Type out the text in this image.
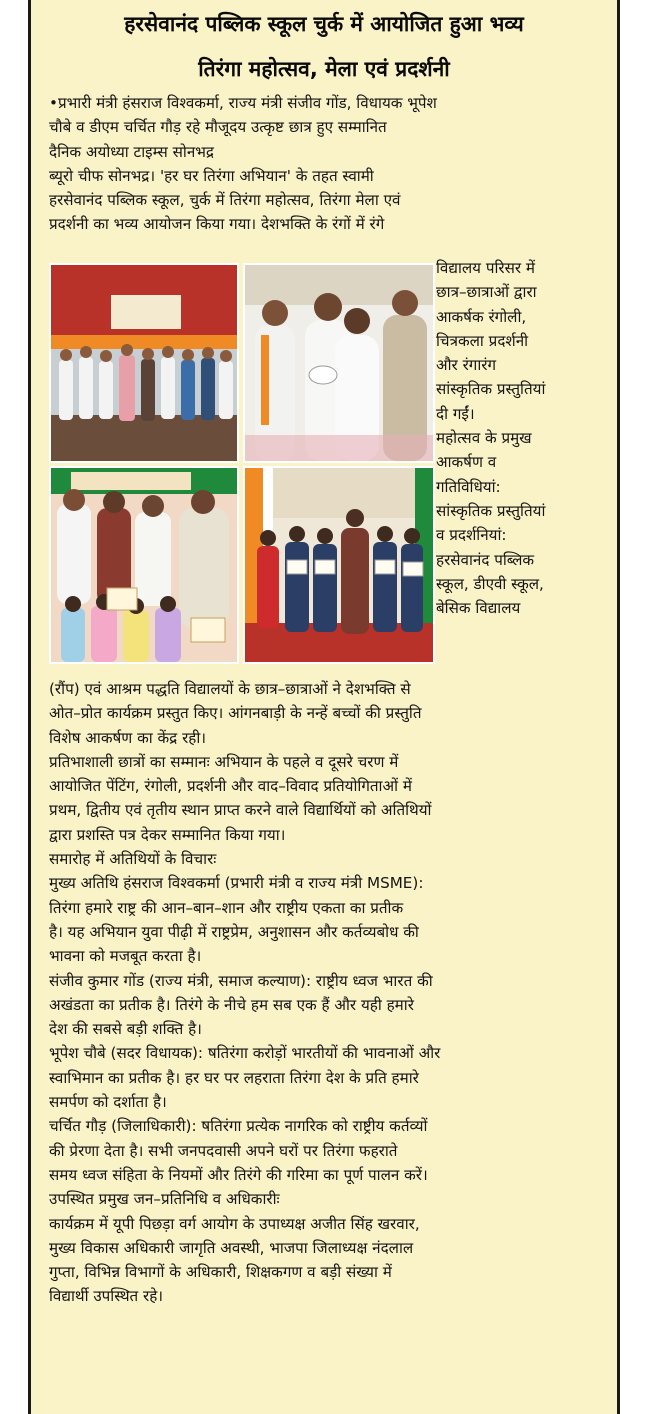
हरसेवानंद पब्लिक स्कूल चुर्क में आयोजित हुआ भव्य
तिरंगा महोत्सव, मेला एवं प्रदर्शनी
•प्रभारी मंत्री हंसराज विश्वकर्मा, राज्य मंत्री संजीव गोंड, विधायक भूपेश
चौबे व डीएम चर्चित गौड़ रहे मौजूदय उत्कृष्ट छात्र हुए सम्मानित
दैनिक अयोध्या टाइम्स सोनभद्र
ब्यूरो चीफ सोनभद्र। 'हर घर तिरंगा अभियान' के तहत स्वामी
हरसेवानंद पब्लिक स्कूल, चुर्क में तिरंगा महोत्सव, तिरंगा मेला एवं
प्रदर्शनी का भव्य आयोजन किया गया। देशभक्ति के रंगों में रंगे
विद्यालय परिसर में
छात्र–छात्राओं द्वारा
आकर्षक रंगोली,
चित्रकला प्रदर्शनी
और रंगारंग
सांस्कृतिक प्रस्तुतियां
दी गईं।
महोत्सव के प्रमुख
आकर्षण व
गतिविधियां:
सांस्कृतिक प्रस्तुतियां
व प्रदर्शनियां:
हरसेवानंद पब्लिक
स्कूल, डीएवी स्कूल,
बेसिक विद्यालय
(रौंप) एवं आश्रम पद्धति विद्यालयों के छात्र–छात्राओं ने देशभक्ति से
ओत–प्रोत कार्यक्रम प्रस्तुत किए। आंगनबाड़ी के नन्हें बच्चों की प्रस्तुति
विशेष आकर्षण का केंद्र रही।
प्रतिभाशाली छात्रों का सम्मानः अभियान के पहले व दूसरे चरण में
आयोजित पेंटिंग, रंगोली, प्रदर्शनी और वाद–विवाद प्रतियोगिताओं में
प्रथम, द्वितीय एवं तृतीय स्थान प्राप्त करने वाले विद्यार्थियों को अतिथियों
द्वारा प्रशस्ति पत्र देकर सम्मानित किया गया।
समारोह में अतिथियों के विचारः
मुख्य अतिथि हंसराज विश्वकर्मा (प्रभारी मंत्री व राज्य मंत्री MSME):
तिरंगा हमारे राष्ट्र की आन–बान–शान और राष्ट्रीय एकता का प्रतीक
है। यह अभियान युवा पीढ़ी में राष्ट्रप्रेम, अनुशासन और कर्तव्यबोध की
भावना को मजबूत करता है।
संजीव कुमार गोंड (राज्य मंत्री, समाज कल्याण): राष्ट्रीय ध्वज भारत की
अखंडता का प्रतीक है। तिरंगे के नीचे हम सब एक हैं और यही हमारे
देश की सबसे बड़ी शक्ति है।
भूपेश चौबे (सदर विधायक): षतिरंगा करोड़ों भारतीयों की भावनाओं और
स्वाभिमान का प्रतीक है। हर घर पर लहराता तिरंगा देश के प्रति हमारे
समर्पण को दर्शाता है।
चर्चित गौड़ (जिलाधिकारी): षतिरंगा प्रत्येक नागरिक को राष्ट्रीय कर्तव्यों
की प्रेरणा देता है। सभी जनपदवासी अपने घरों पर तिरंगा फहराते
समय ध्वज संहिता के नियमों और तिरंगे की गरिमा का पूर्ण पालन करें।
उपस्थित प्रमुख जन–प्रतिनिधि व अधिकारीः
कार्यक्रम में यूपी पिछड़ा वर्ग आयोग के उपाध्यक्ष अजीत सिंह खरवार,
मुख्य विकास अधिकारी जागृति अवस्थी, भाजपा जिलाध्यक्ष नंदलाल
गुप्ता, विभिन्न विभागों के अधिकारी, शिक्षकगण व बड़ी संख्या में
विद्यार्थी उपस्थित रहे।
